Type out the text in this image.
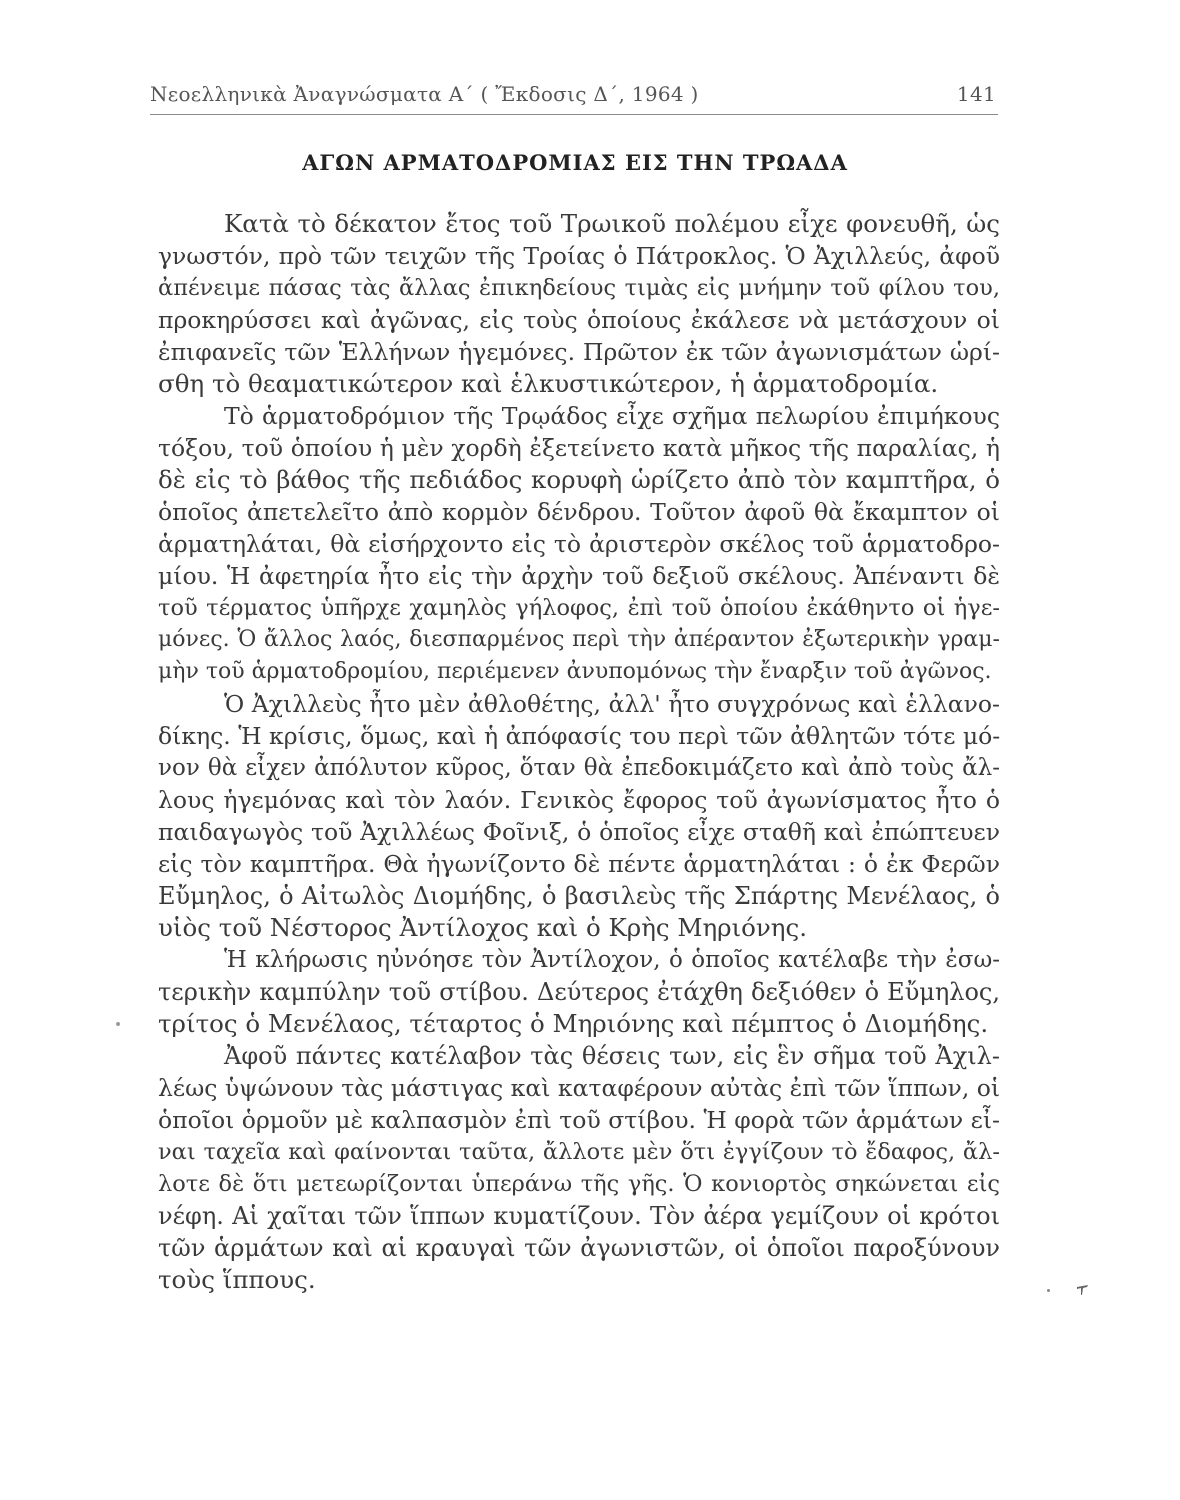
Νεοελληνικὰ Ἀναγνώσματα Α΄ ( Ἔκδοσις Δ΄, 1964 )	141
ΑΓΩΝ ΑΡΜΑΤΟΔΡΟΜΙΑΣ ΕΙΣ ΤΗΝ ΤΡΩΑΔΑ
Κατὰ τὸ δέκατον ἔτος τοῦ Τρωικοῦ πολέμου εἶχε φονευθῆ, ὡς
γνωστόν, πρὸ τῶν τειχῶν τῆς Τροίας ὁ Πάτροκλος. Ὁ Ἀχιλλεύς, ἀφοῦ
ἀπένειμε πάσας τὰς ἄλλας ἐπικηδείους τιμὰς εἰς μνήμην τοῦ φίλου του,
προκηρύσσει καὶ ἀγῶνας, εἰς τοὺς ὁποίους ἐκάλεσε νὰ μετάσχουν οἱ
ἐπιφανεῖς τῶν Ἑλλήνων ἡγεμόνες. Πρῶτον ἐκ τῶν ἀγωνισμάτων ὡρί-
σθη τὸ θεαματικώτερον καὶ ἑλκυστικώτερον, ἡ ἁρματοδρομία.
Τὸ ἁρματοδρόμιον τῆς Τρῳάδος εἶχε σχῆμα πελωρίου ἐπιμήκους
τόξου, τοῦ ὁποίου ἡ μὲν χορδὴ ἐξετείνετο κατὰ μῆκος τῆς παραλίας, ἡ
δὲ εἰς τὸ βάθος τῆς πεδιάδος κορυφὴ ὡρίζετο ἀπὸ τὸν καμπτῆρα, ὁ
ὁποῖος ἀπετελεῖτο ἀπὸ κορμὸν δένδρου. Τοῦτον ἀφοῦ θὰ ἔκαμπτον οἱ
ἁρματηλάται, θὰ εἰσήρχοντο εἰς τὸ ἀριστερὸν σκέλος τοῦ ἁρματοδρο-
μίου. Ἡ ἀφετηρία ἦτο εἰς τὴν ἀρχὴν τοῦ δεξιοῦ σκέλους. Ἀπέναντι δὲ
τοῦ τέρματος ὑπῆρχε χαμηλὸς γήλοφος, ἐπὶ τοῦ ὁποίου ἐκάθηντο οἱ ἡγε-
μόνες. Ὁ ἄλλος λαός, διεσπαρμένος περὶ τὴν ἀπέραντον ἐξωτερικὴν γραμ-
μὴν τοῦ ἁρματοδρομίου, περιέμενεν ἀνυπομόνως τὴν ἔναρξιν τοῦ ἀγῶνος.
Ὁ Ἀχιλλεὺς ἦτο μὲν ἀθλοθέτης, ἀλλ' ἦτο συγχρόνως καὶ ἑλλανο-
δίκης. Ἡ κρίσις, ὅμως, καὶ ἡ ἀπόφασίς του περὶ τῶν ἀθλητῶν τότε μό-
νον θὰ εἶχεν ἀπόλυτον κῦρος, ὅταν θὰ ἐπεδοκιμάζετο καὶ ἀπὸ τοὺς ἄλ-
λους ἡγεμόνας καὶ τὸν λαόν. Γενικὸς ἔφορος τοῦ ἀγωνίσματος ἦτο ὁ
παιδαγωγὸς τοῦ Ἀχιλλέως Φοῖνιξ, ὁ ὁποῖος εἶχε σταθῆ καὶ ἐπώπτευεν
εἰς τὸν καμπτῆρα. Θὰ ἠγωνίζοντο δὲ πέντε ἁρματηλάται : ὁ ἐκ Φερῶν
Εὔμηλος, ὁ Αἰτωλὸς Διομήδης, ὁ βασιλεὺς τῆς Σπάρτης Μενέλαος, ὁ
υἱὸς τοῦ Νέστορος Ἀντίλοχος καὶ ὁ Κρὴς Μηριόνης.
Ἡ κλήρωσις ηὐνόησε τὸν Ἀντίλοχον, ὁ ὁποῖος κατέλαβε τὴν ἐσω-
τερικὴν καμπύλην τοῦ στίβου. Δεύτερος ἐτάχθη δεξιόθεν ὁ Εὔμηλος,
τρίτος ὁ Μενέλαος, τέταρτος ὁ Μηριόνης καὶ πέμπτος ὁ Διομήδης.
Ἀφοῦ πάντες κατέλαβον τὰς θέσεις των, εἰς ἓν σῆμα τοῦ Ἀχιλ-
λέως ὑψώνουν τὰς μάστιγας καὶ καταφέρουν αὐτὰς ἐπὶ τῶν ἵππων, οἱ
ὁποῖοι ὁρμοῦν μὲ καλπασμὸν ἐπὶ τοῦ στίβου. Ἡ φορὰ τῶν ἁρμάτων εἶ-
ναι ταχεῖα καὶ φαίνονται ταῦτα, ἄλλοτε μὲν ὅτι ἐγγίζουν τὸ ἔδαφος, ἄλ-
λοτε δὲ ὅτι μετεωρίζονται ὑπεράνω τῆς γῆς. Ὁ κονιορτὸς σηκώνεται εἰς
νέφη. Αἱ χαῖται τῶν ἵππων κυματίζουν. Τὸν ἀέρα γεμίζουν οἱ κρότοι
τῶν ἁρμάτων καὶ αἱ κραυγαὶ τῶν ἀγωνιστῶν, οἱ ὁποῖοι παροξύνουν
τοὺς ἵππους.
